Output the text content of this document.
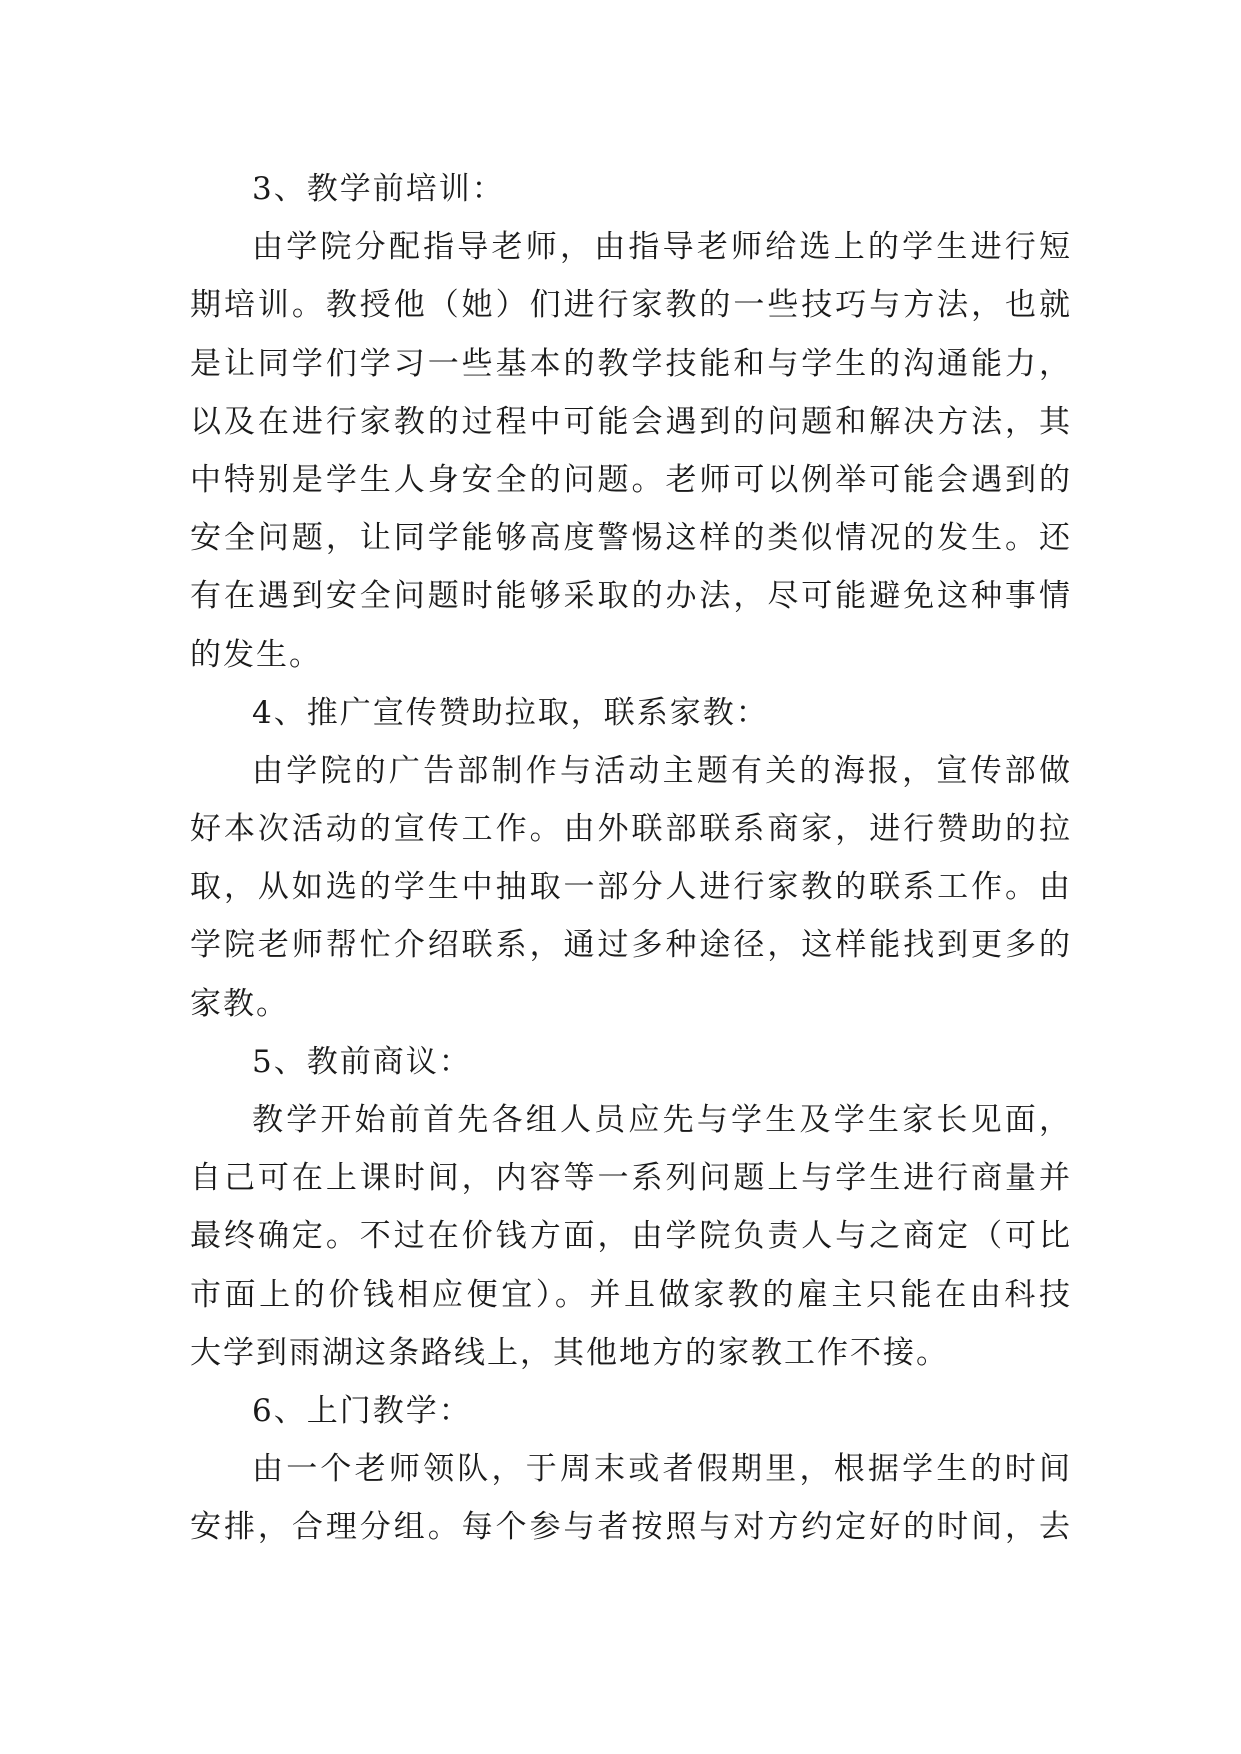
3、教学前培训：
由学院分配指导老师，由指导老师给选上的学生进行短
期培训。教授他（她）们进行家教的一些技巧与方法，也就
是让同学们学习一些基本的教学技能和与学生的沟通能力，
以及在进行家教的过程中可能会遇到的问题和解决方法，其
中特别是学生人身安全的问题。老师可以例举可能会遇到的
安全问题，让同学能够高度警惕这样的类似情况的发生。还
有在遇到安全问题时能够采取的办法，尽可能避免这种事情
的发生。
4、推广宣传赞助拉取，联系家教：
由学院的广告部制作与活动主题有关的海报，宣传部做
好本次活动的宣传工作。由外联部联系商家，进行赞助的拉
取，从如选的学生中抽取一部分人进行家教的联系工作。由
学院老师帮忙介绍联系，通过多种途径，这样能找到更多的
家教。
5、教前商议：
教学开始前首先各组人员应先与学生及学生家长见面，
自己可在上课时间，内容等一系列问题上与学生进行商量并
最终确定。不过在价钱方面，由学院负责人与之商定（可比
市面上的价钱相应便宜）。并且做家教的雇主只能在由科技
大学到雨湖这条路线上，其他地方的家教工作不接。
6、上门教学：
由一个老师领队，于周末或者假期里，根据学生的时间
安排，合理分组。每个参与者按照与对方约定好的时间，去
